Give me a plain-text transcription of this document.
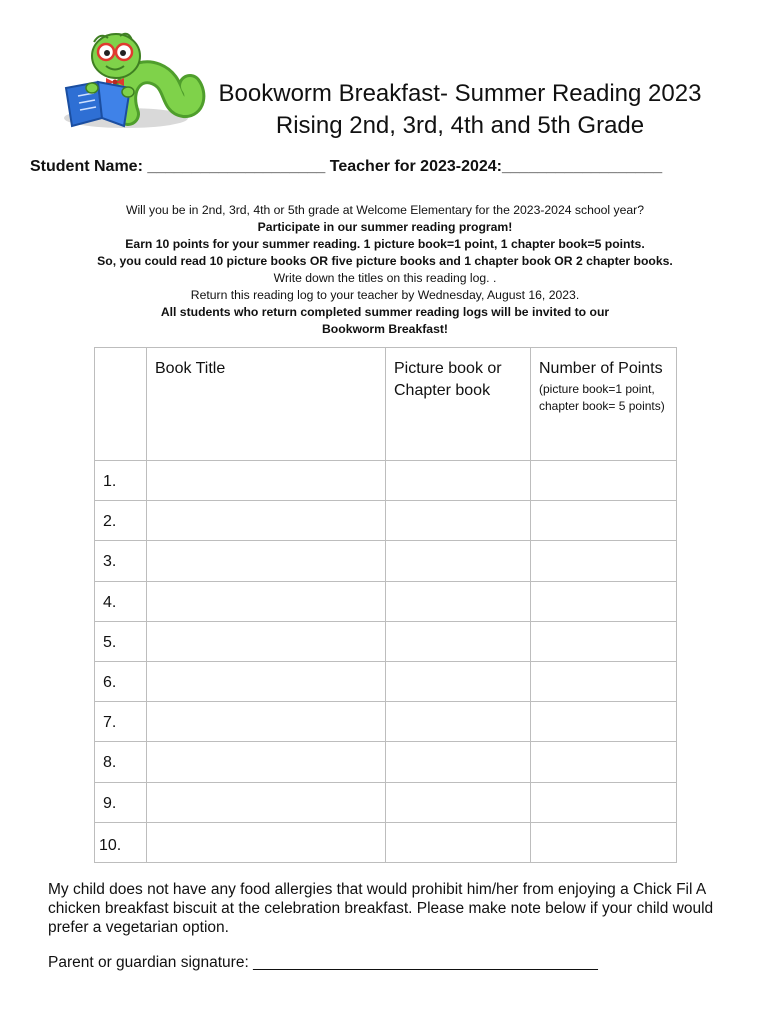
Bookworm Breakfast- Summer Reading 2023
Rising 2nd, 3rd, 4th and 5th Grade
Student Name: ____________________ Teacher for 2023-2024:__________________
Will you be in 2nd, 3rd, 4th or 5th grade at Welcome Elementary for the 2023-2024 school year?
Participate in our summer reading program!
Earn 10 points for your summer reading. 1 picture book=1 point, 1 chapter book=5 points.
So, you could read 10 picture books OR five picture books and 1 chapter book OR 2 chapter books.
Write down the titles on this reading log. .
Return this reading log to your teacher by Wednesday, August 16, 2023.
All students who return completed summer reading logs will be invited to our
Bookworm Breakfast!

	Book Title	Picture book or Chapter book	Number of Points
(picture book=1 point, chapter book= 5 points)

1.			

2.			

3.			

4.			

5.			

6.			

7.			

8.			

9.			

10.			

My child does not have any food allergies that would prohibit him/her from enjoying a Chick Fil A chicken breakfast biscuit at the celebration breakfast. Please make note below if your child would prefer a vegetarian option.
Parent or guardian signature: ________________________________________
